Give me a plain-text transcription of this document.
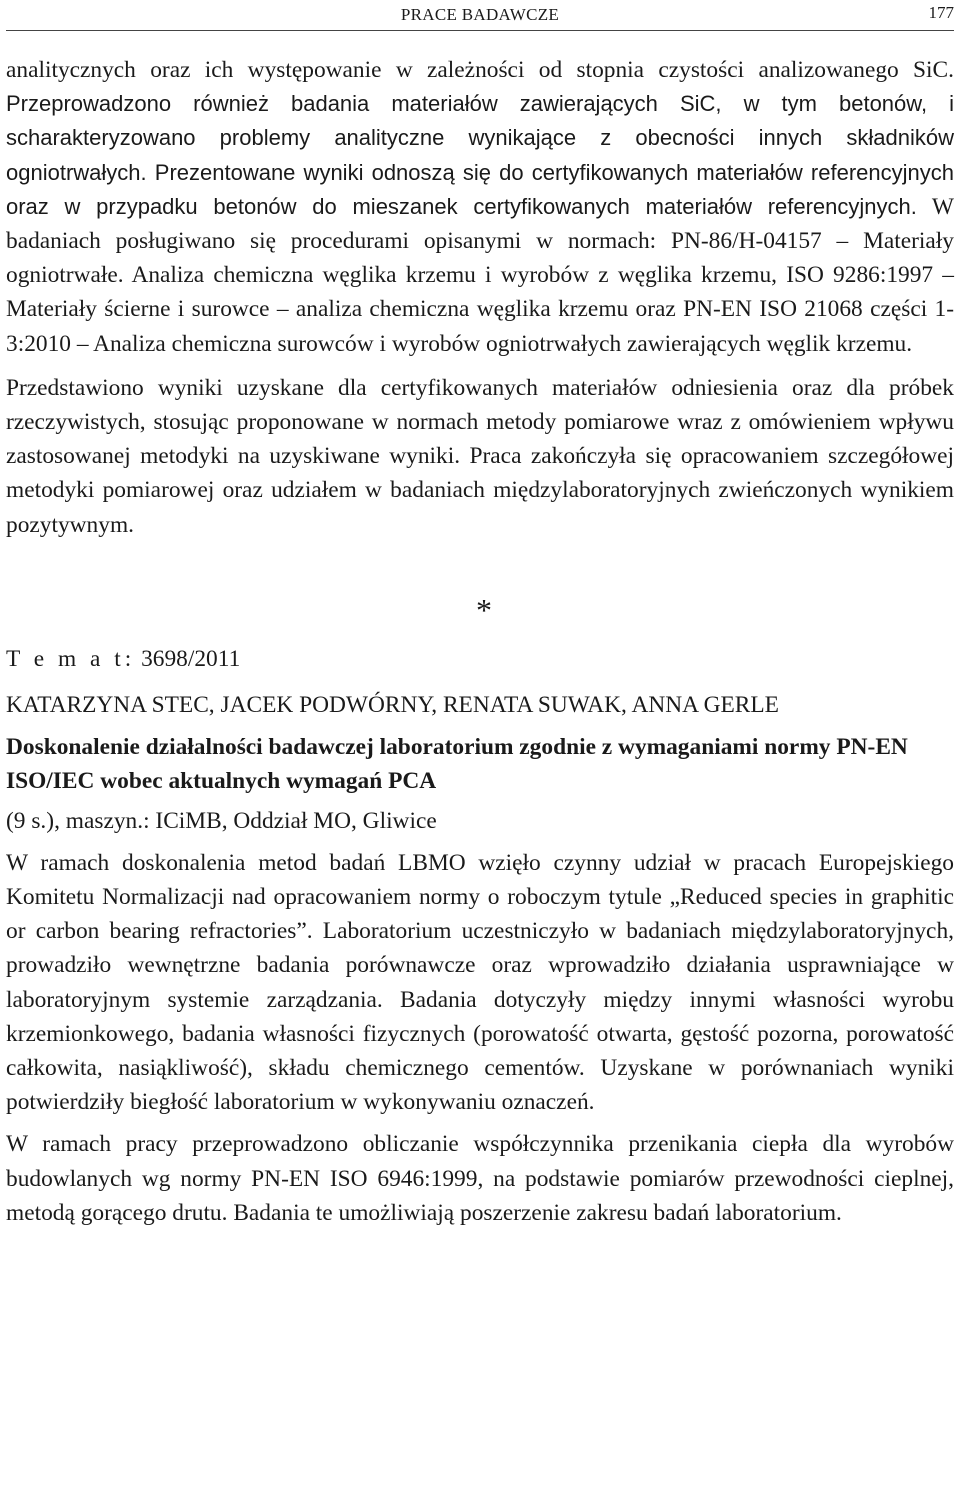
PRACE BADAWCZE	177

analitycznych oraz ich występowanie w zależności od stopnia czystości analizowanego SiC. Przeprowadzono również badania materiałów zawierających SiC, w tym betonów, i scharakteryzowano problemy analityczne wynikające z obecności innych składników ogniotrwałych. Prezentowane wyniki odnoszą się do certyfikowanych materiałów referencyjnych oraz w przypadku betonów do mieszanek certyfikowanych materiałów referencyjnych. W badaniach posługiwano się procedurami opisanymi w normach: PN-86/H-04157 – Materiały ogniotrwałe. Analiza chemiczna węglika krzemu i wyrobów z węglika krzemu, ISO 9286:1997 – Materiały ścierne i surowce – analiza chemiczna węglika krzemu oraz PN-EN ISO 21068 części 1-3:2010 – Analiza chemiczna surowców i wyrobów ogniotrwałych zawierających węglik krzemu.

Przedstawiono wyniki uzyskane dla certyfikowanych materiałów odniesienia oraz dla próbek rzeczywistych, stosując proponowane w normach metody pomiarowe wraz z omówieniem wpływu zastosowanej metodyki na uzyskiwane wyniki. Praca zakończyła się opracowaniem szczegółowej metodyki pomiarowej oraz udziałem w badaniach międzylaboratoryjnych zwieńczonych wynikiem pozytywnym.

*
T e m a t: 3698/2011
KATARZYNA STEC, JACEK PODWÓRNY, RENATA SUWAK, ANNA GERLE
Doskonalenie działalności badawczej laboratorium zgodnie z wymaganiami normy PN-EN ISO/IEC wobec aktualnych wymagań PCA
(9 s.), maszyn.: ICiMB, Oddział MO, Gliwice

W ramach doskonalenia metod badań LBMO wzięło czynny udział w pracach Europejskiego Komitetu Normalizacji nad opracowaniem normy o roboczym tytule „Reduced species in graphitic or carbon bearing refractories”. Laboratorium uczestniczyło w badaniach międzylaboratoryjnych, prowadziło wewnętrzne badania porównawcze oraz wprowadziło działania usprawniające w laboratoryjnym systemie zarządzania. Badania dotyczyły między innymi własności wyrobu krzemionkowego, badania własności fizycznych (porowatość otwarta, gęstość pozorna, porowatość całkowita, nasiąkliwość), składu chemicznego cementów. Uzyskane w porównaniach wyniki potwierdziły biegłość laboratorium w wykonywaniu oznaczeń.

W ramach pracy przeprowadzono obliczanie współczynnika przenikania ciepła dla wyrobów budowlanych wg normy PN-EN ISO 6946:1999, na podstawie pomiarów przewodności cieplnej, metodą gorącego drutu. Badania te umożliwiają poszerzenie zakresu badań laboratorium.
